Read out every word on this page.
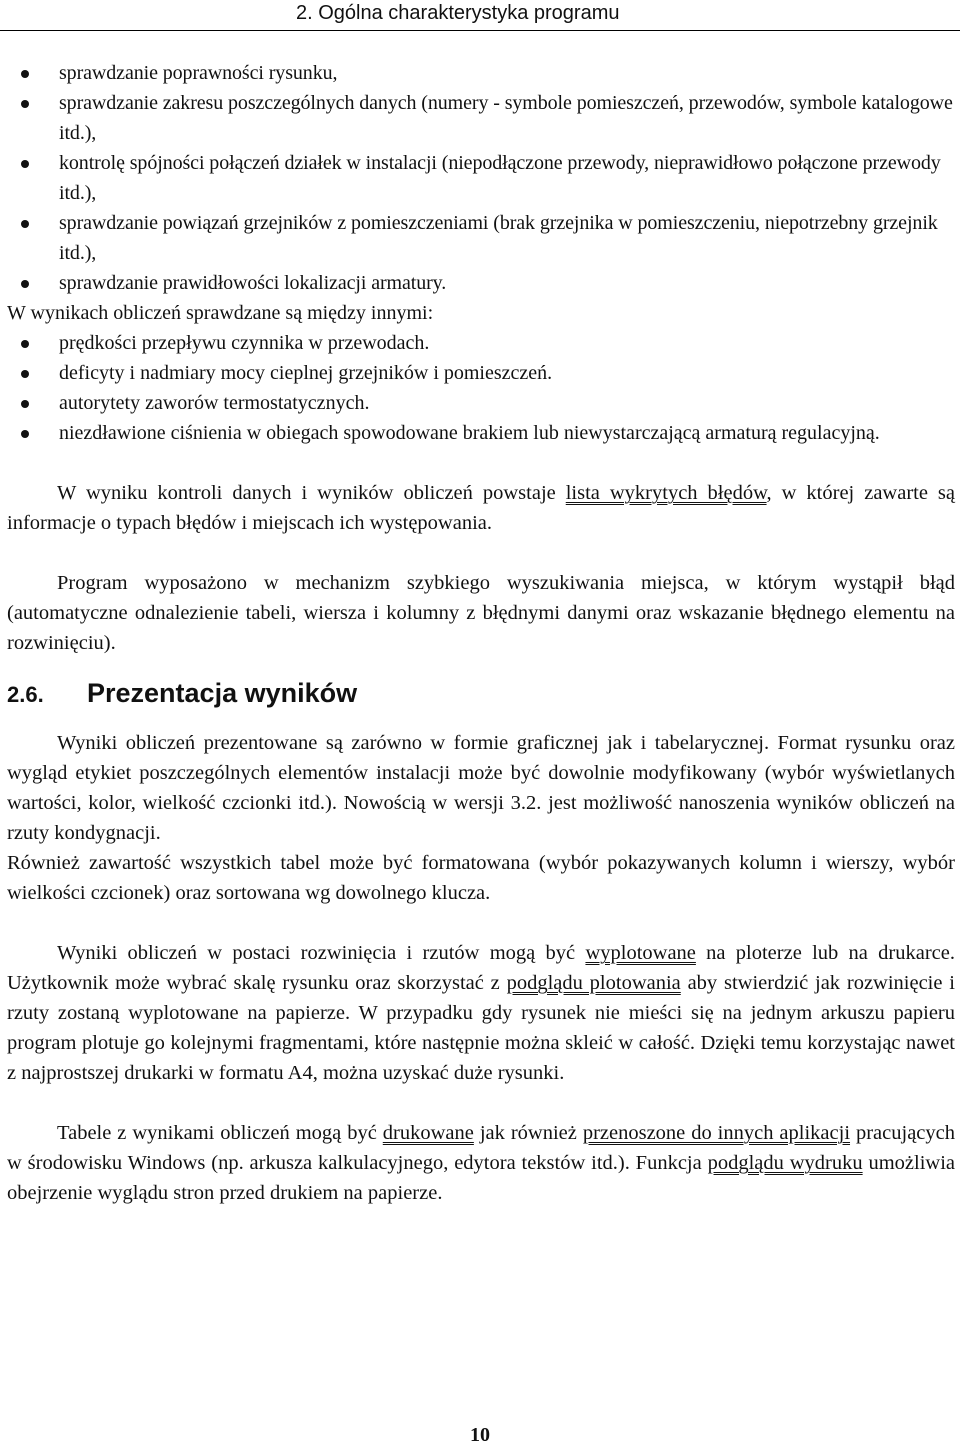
2. Ogólna charakterystyka programu
sprawdzanie poprawności rysunku,
sprawdzanie zakresu poszczególnych danych (numery - symbole pomieszczeń, przewodów, symbole katalogowe itd.),
kontrolę spójności połączeń działek w instalacji (niepodłączone przewody, nieprawidłowo połączone przewody itd.),
sprawdzanie powiązań grzejników z pomieszczeniami (brak grzejnika w pomieszczeniu, niepotrzebny grzejnik itd.),
sprawdzanie prawidłowości lokalizacji armatury.

W wynikach obliczeń sprawdzane są między innymi:

prędkości przepływu czynnika w przewodach.
deficyty i nadmiary mocy cieplnej grzejników i pomieszczeń.
autorytety zaworów termostatycznych.
niezdławione ciśnienia w obiegach spowodowane brakiem lub niewystarczającą armaturą regulacyjną.

W wyniku kontroli danych i wyników obliczeń powstaje lista wykrytych błędów, w której zawarte są informacje o typach błędów i miejscach ich występowania.

Program wyposażono w mechanizm szybkiego wyszukiwania miejsca, w którym wystąpił błąd (automatyczne odnalezienie tabeli, wiersza i kolumny z błędnymi danymi oraz wskazanie błędnego elementu na rozwinięciu).

2.6.	Prezentacja wyników

Wyniki obliczeń prezentowane są zarówno w formie graficznej jak i tabelarycznej. Format rysunku oraz wygląd etykiet poszczególnych elementów instalacji może być dowolnie modyfikowany (wybór wyświetlanych wartości, kolor, wielkość czcionki itd.). Nowością w wersji 3.2. jest możliwość nanoszenia wyników obliczeń na rzuty kondygnacji.

Również zawartość wszystkich tabel może być formatowana (wybór pokazywanych kolumn i wierszy, wybór wielkości czcionek) oraz sortowana wg dowolnego klucza.

Wyniki obliczeń w postaci rozwinięcia i rzutów mogą być wyplotowane na ploterze lub na drukarce. Użytkownik może wybrać skalę rysunku oraz skorzystać z podglądu plotowania aby stwierdzić jak rozwinięcie i rzuty zostaną wyplotowane na papierze. W przypadku gdy rysunek nie mieści się na jednym arkuszu papieru program plotuje go kolejnymi fragmentami, które następnie można skleić w całość. Dzięki temu korzystając nawet z najprostszej drukarki w formatu A4, można uzyskać duże rysunki.

Tabele z wynikami obliczeń mogą być drukowane jak również przenoszone do innych aplikacji pracujących w środowisku Windows (np. arkusza kalkulacyjnego, edytora tekstów itd.). Funkcja podglądu wydruku umożliwia obejrzenie wyglądu stron przed drukiem na papierze.

10
